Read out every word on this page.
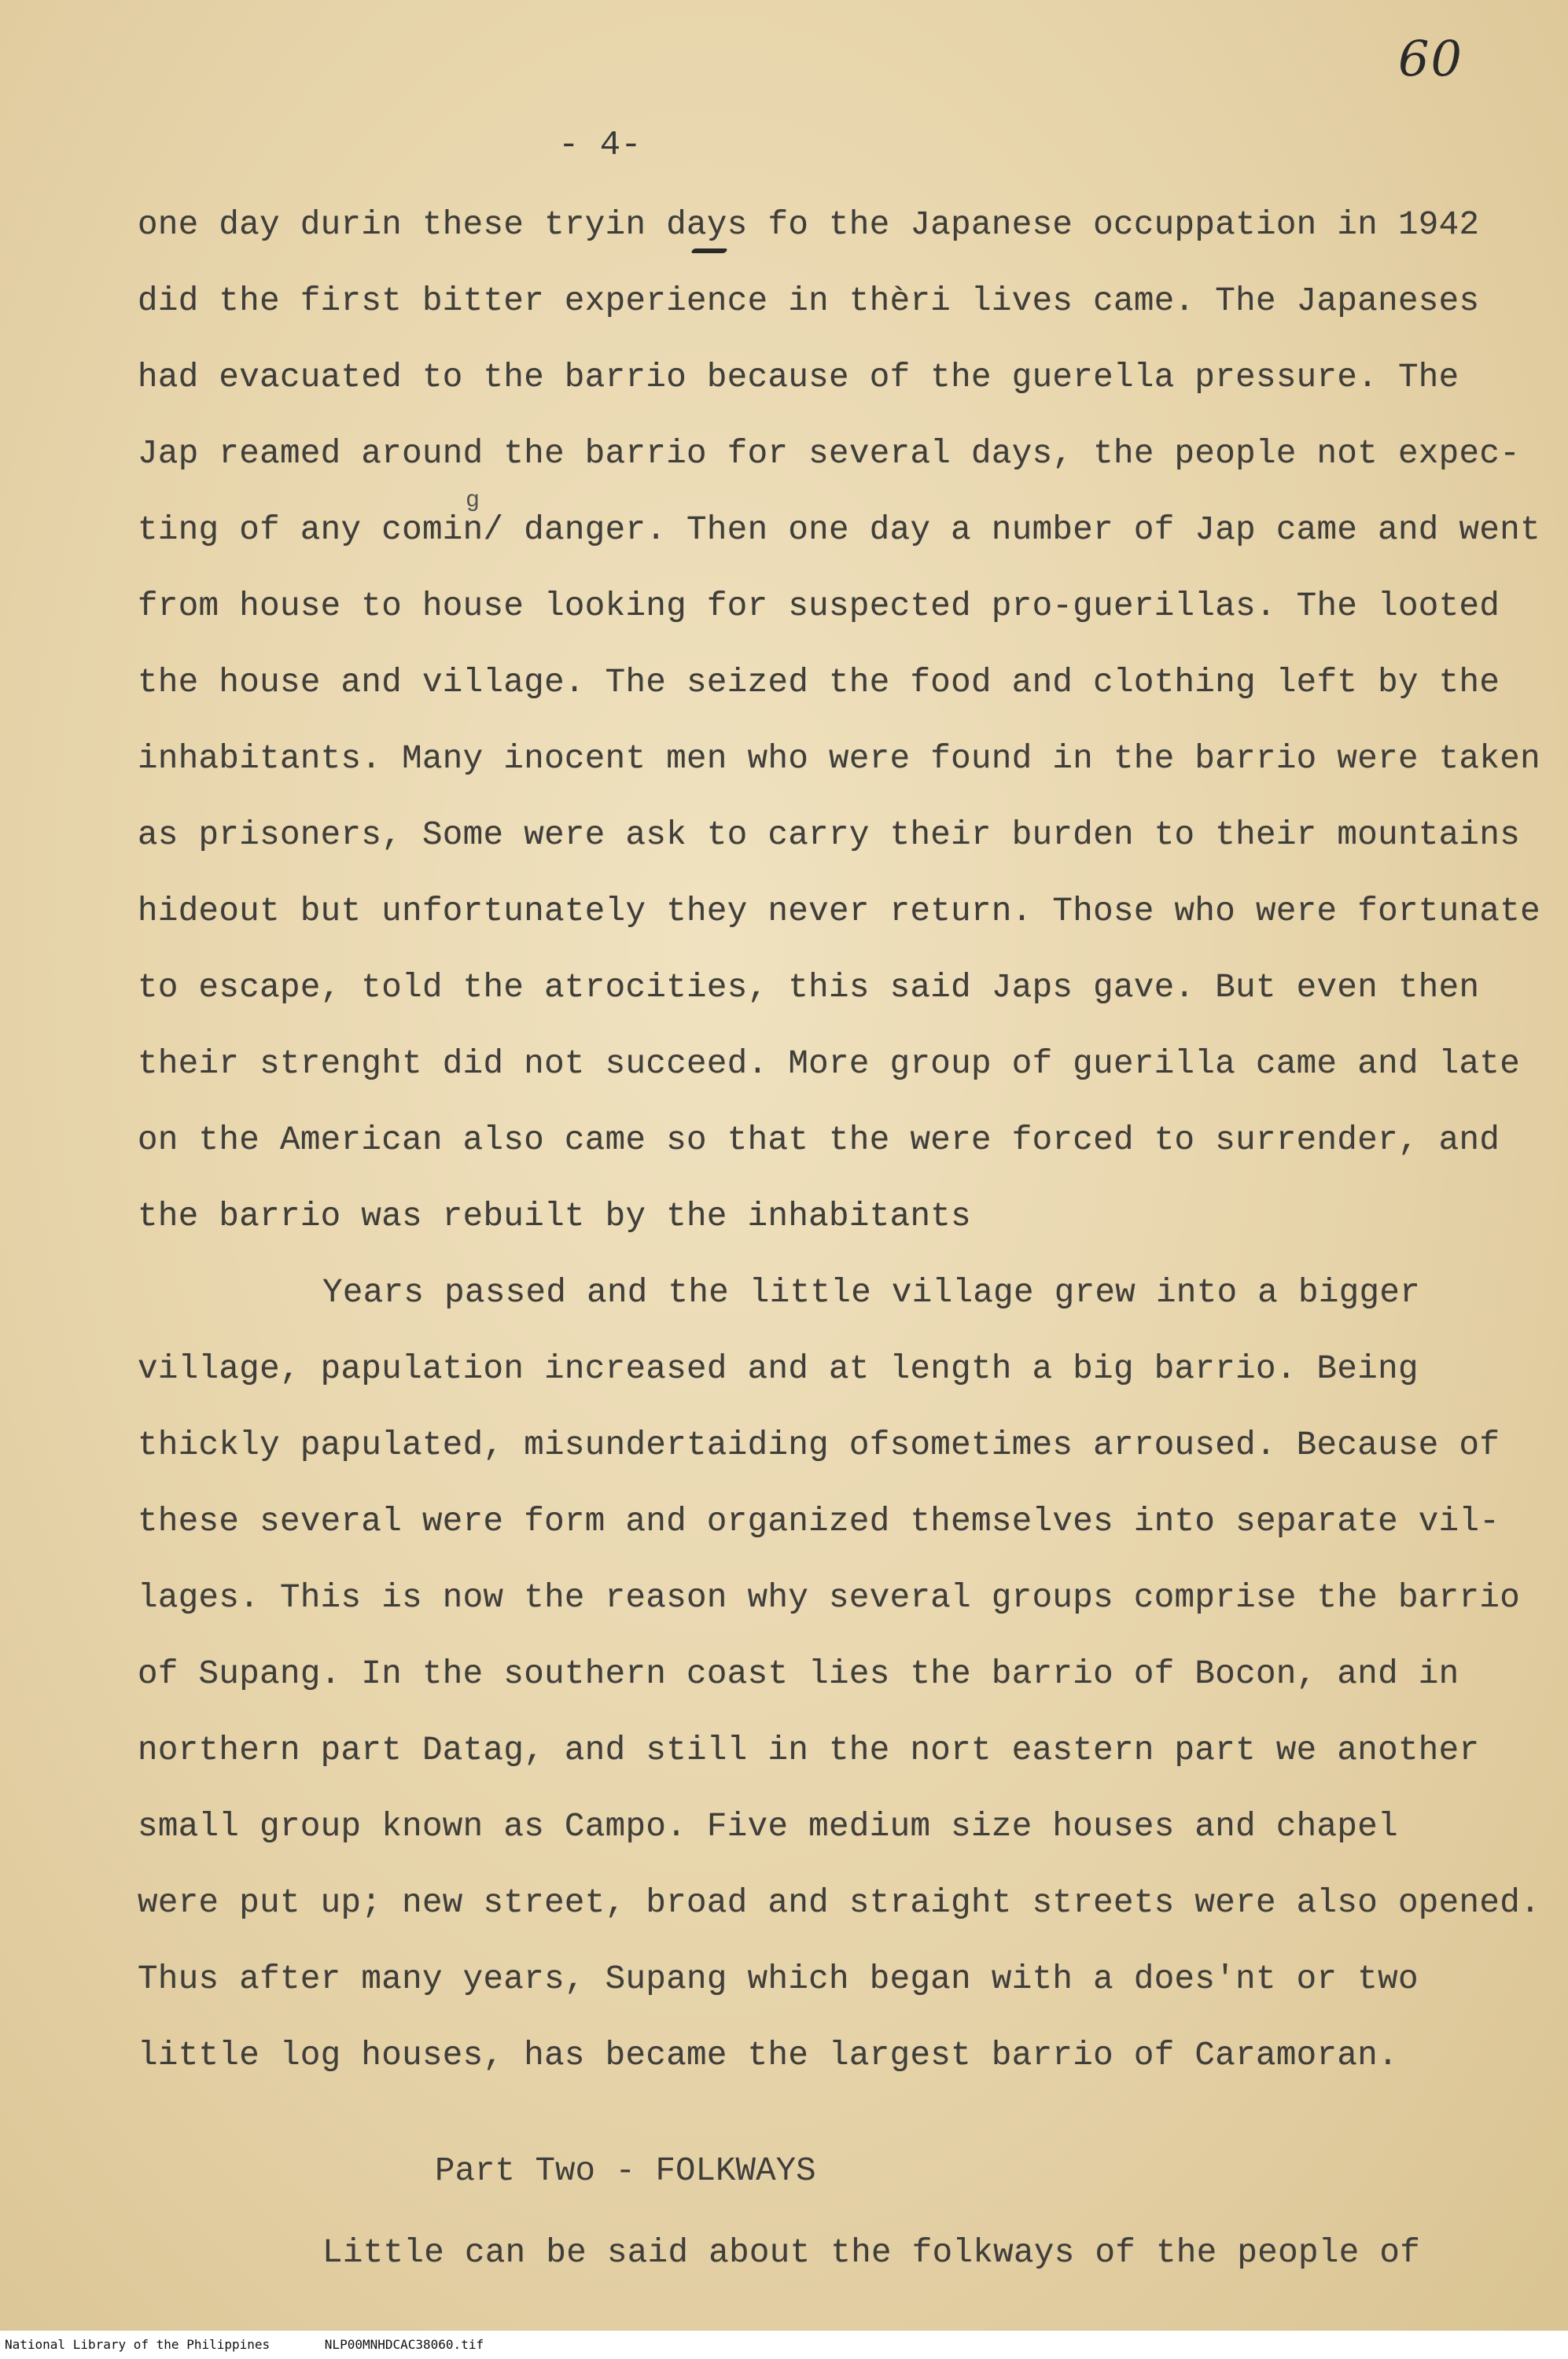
60
- 4-
g
one day durin these tryin days fo the Japanese occuppation in 1942
did the first bitter experience in thèri lives came. The Japaneses
had evacuated to the barrio because of the guerella pressure. The
Jap reamed around the barrio for several days, the people not expec-
ting of any comin/ danger. Then one day a number of Jap came and went
from house to house looking for suspected pro-guerillas. The looted
the house and village. The seized the food and clothing left by the
inhabitants. Many inocent men who were found in the barrio were taken
as prisoners, Some were ask to carry their burden to their mountains
hideout but unfortunately they never return. Those who were fortunate
to escape, told the atrocities, this said Japs gave. But even then
their strenght did not succeed. More group of guerilla came and late
on the American also came so that the were forced to surrender, and
the barrio was rebuilt by the inhabitants
Years passed and the little village grew into a bigger
village, papulation increased and at length a big barrio. Being
thickly papulated, misundertaiding ofsometimes arroused. Because of
these several were form and organized themselves into separate vil-
lages. This is now the reason why several groups comprise the barrio
of Supang. In the southern coast lies the barrio of Bocon, and in
northern part Datag, and still in the nort eastern part we another
small group known as Campo. Five medium size houses and chapel
were put up; new street, broad and straight streets were also opened.
Thus after many years, Supang which began with a does'nt or two
little log houses, has became the largest barrio of Caramoran.
Part Two - FOLKWAYS
Little can be said about the folkways of the people of
National Library of the Philippines	NLP00MNHDCAC38060.tif
